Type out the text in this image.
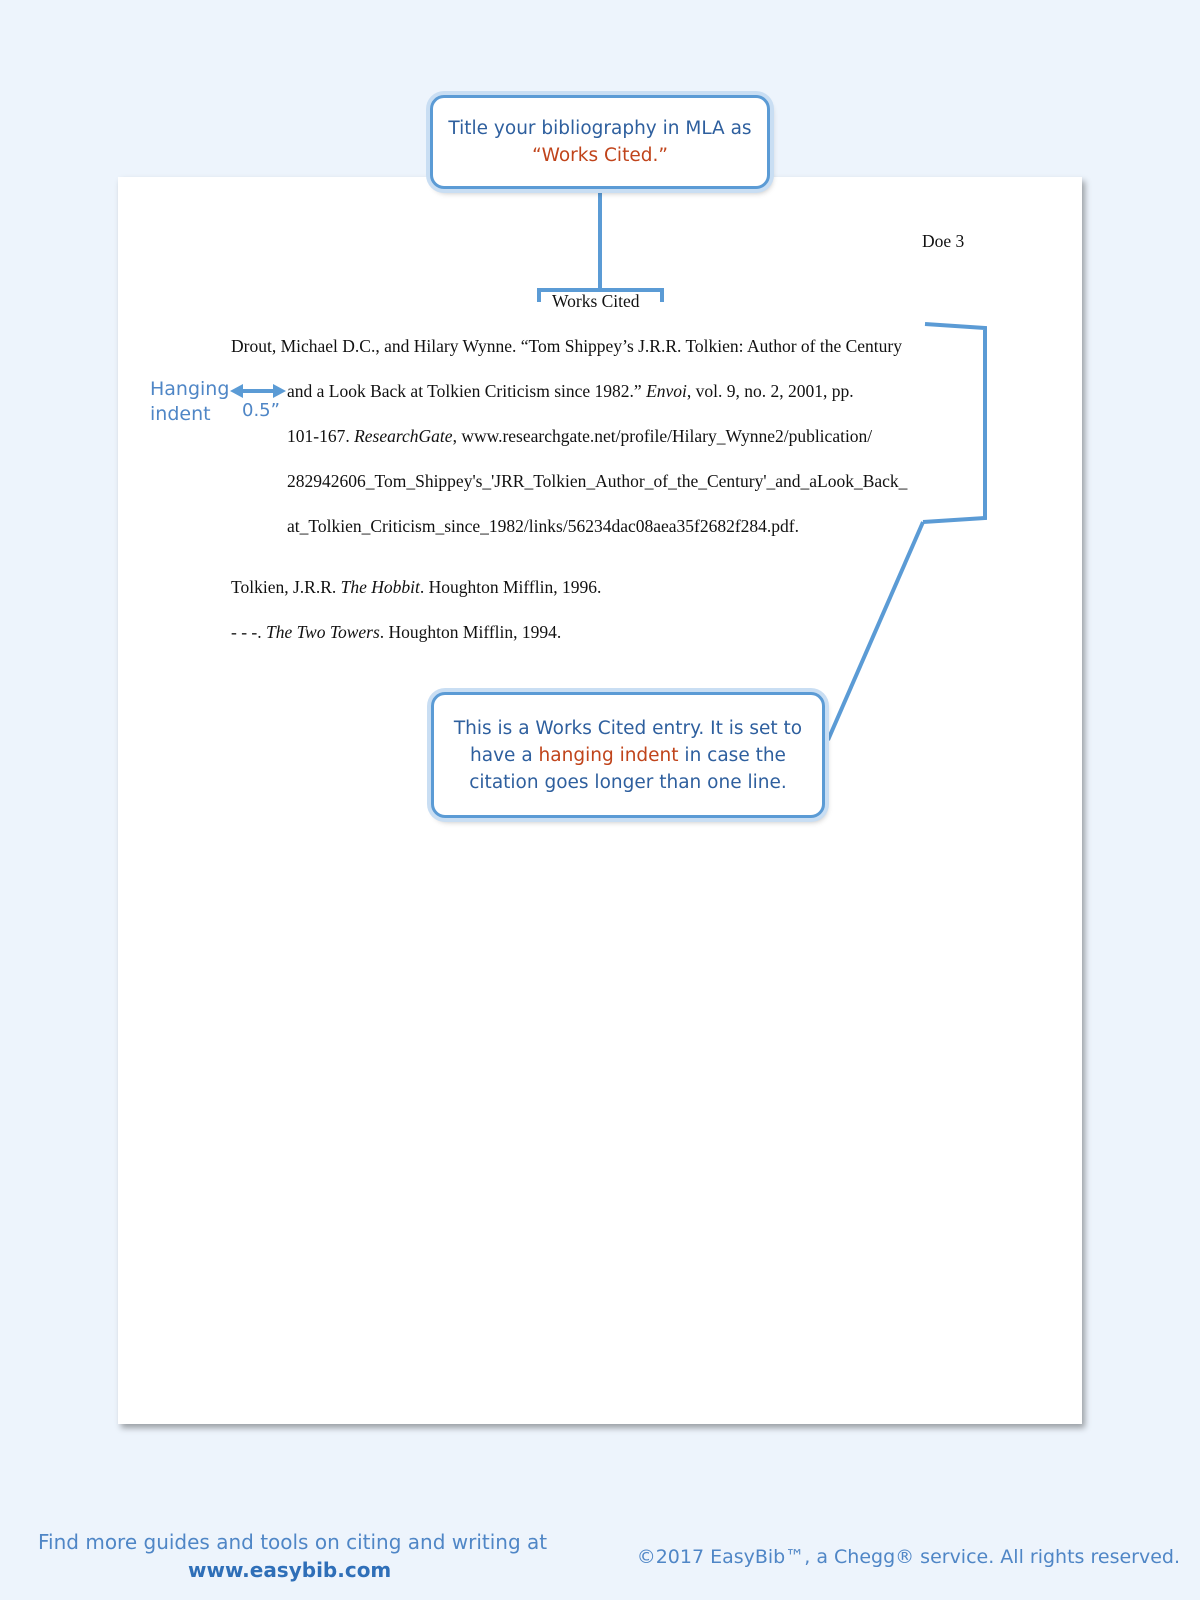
Title your bibliography in MLA as
“Works Cited.”
Doe 3
Works Cited
Drout, Michael D.C., and Hilary Wynne. “Tom Shippey’s J.R.R. Tolkien: Author of the Century
and a Look Back at Tolkien Criticism since 1982.” Envoi, vol. 9, no. 2, 2001, pp.
101-167. ResearchGate, www.researchgate.net/profile/Hilary_Wynne2/publication/
282942606_Tom_Shippey's_'JRR_Tolkien_Author_of_the_Century'_and_aLook_Back_
at_Tolkien_Criticism_since_1982/links/56234dac08aea35f2682f284.pdf.
Tolkien, J.R.R. The Hobbit. Houghton Mifflin, 1996.
- - -. The Two Towers. Houghton Mifflin, 1994.
Hanging
indent 0.5”
This is a Works Cited entry. It is set to
have a hanging indent in case the
citation goes longer than one line.
Find more guides and tools on citing and writing at
www.easybib.com
©2017 EasyBib™, a Chegg® service. All rights reserved.
